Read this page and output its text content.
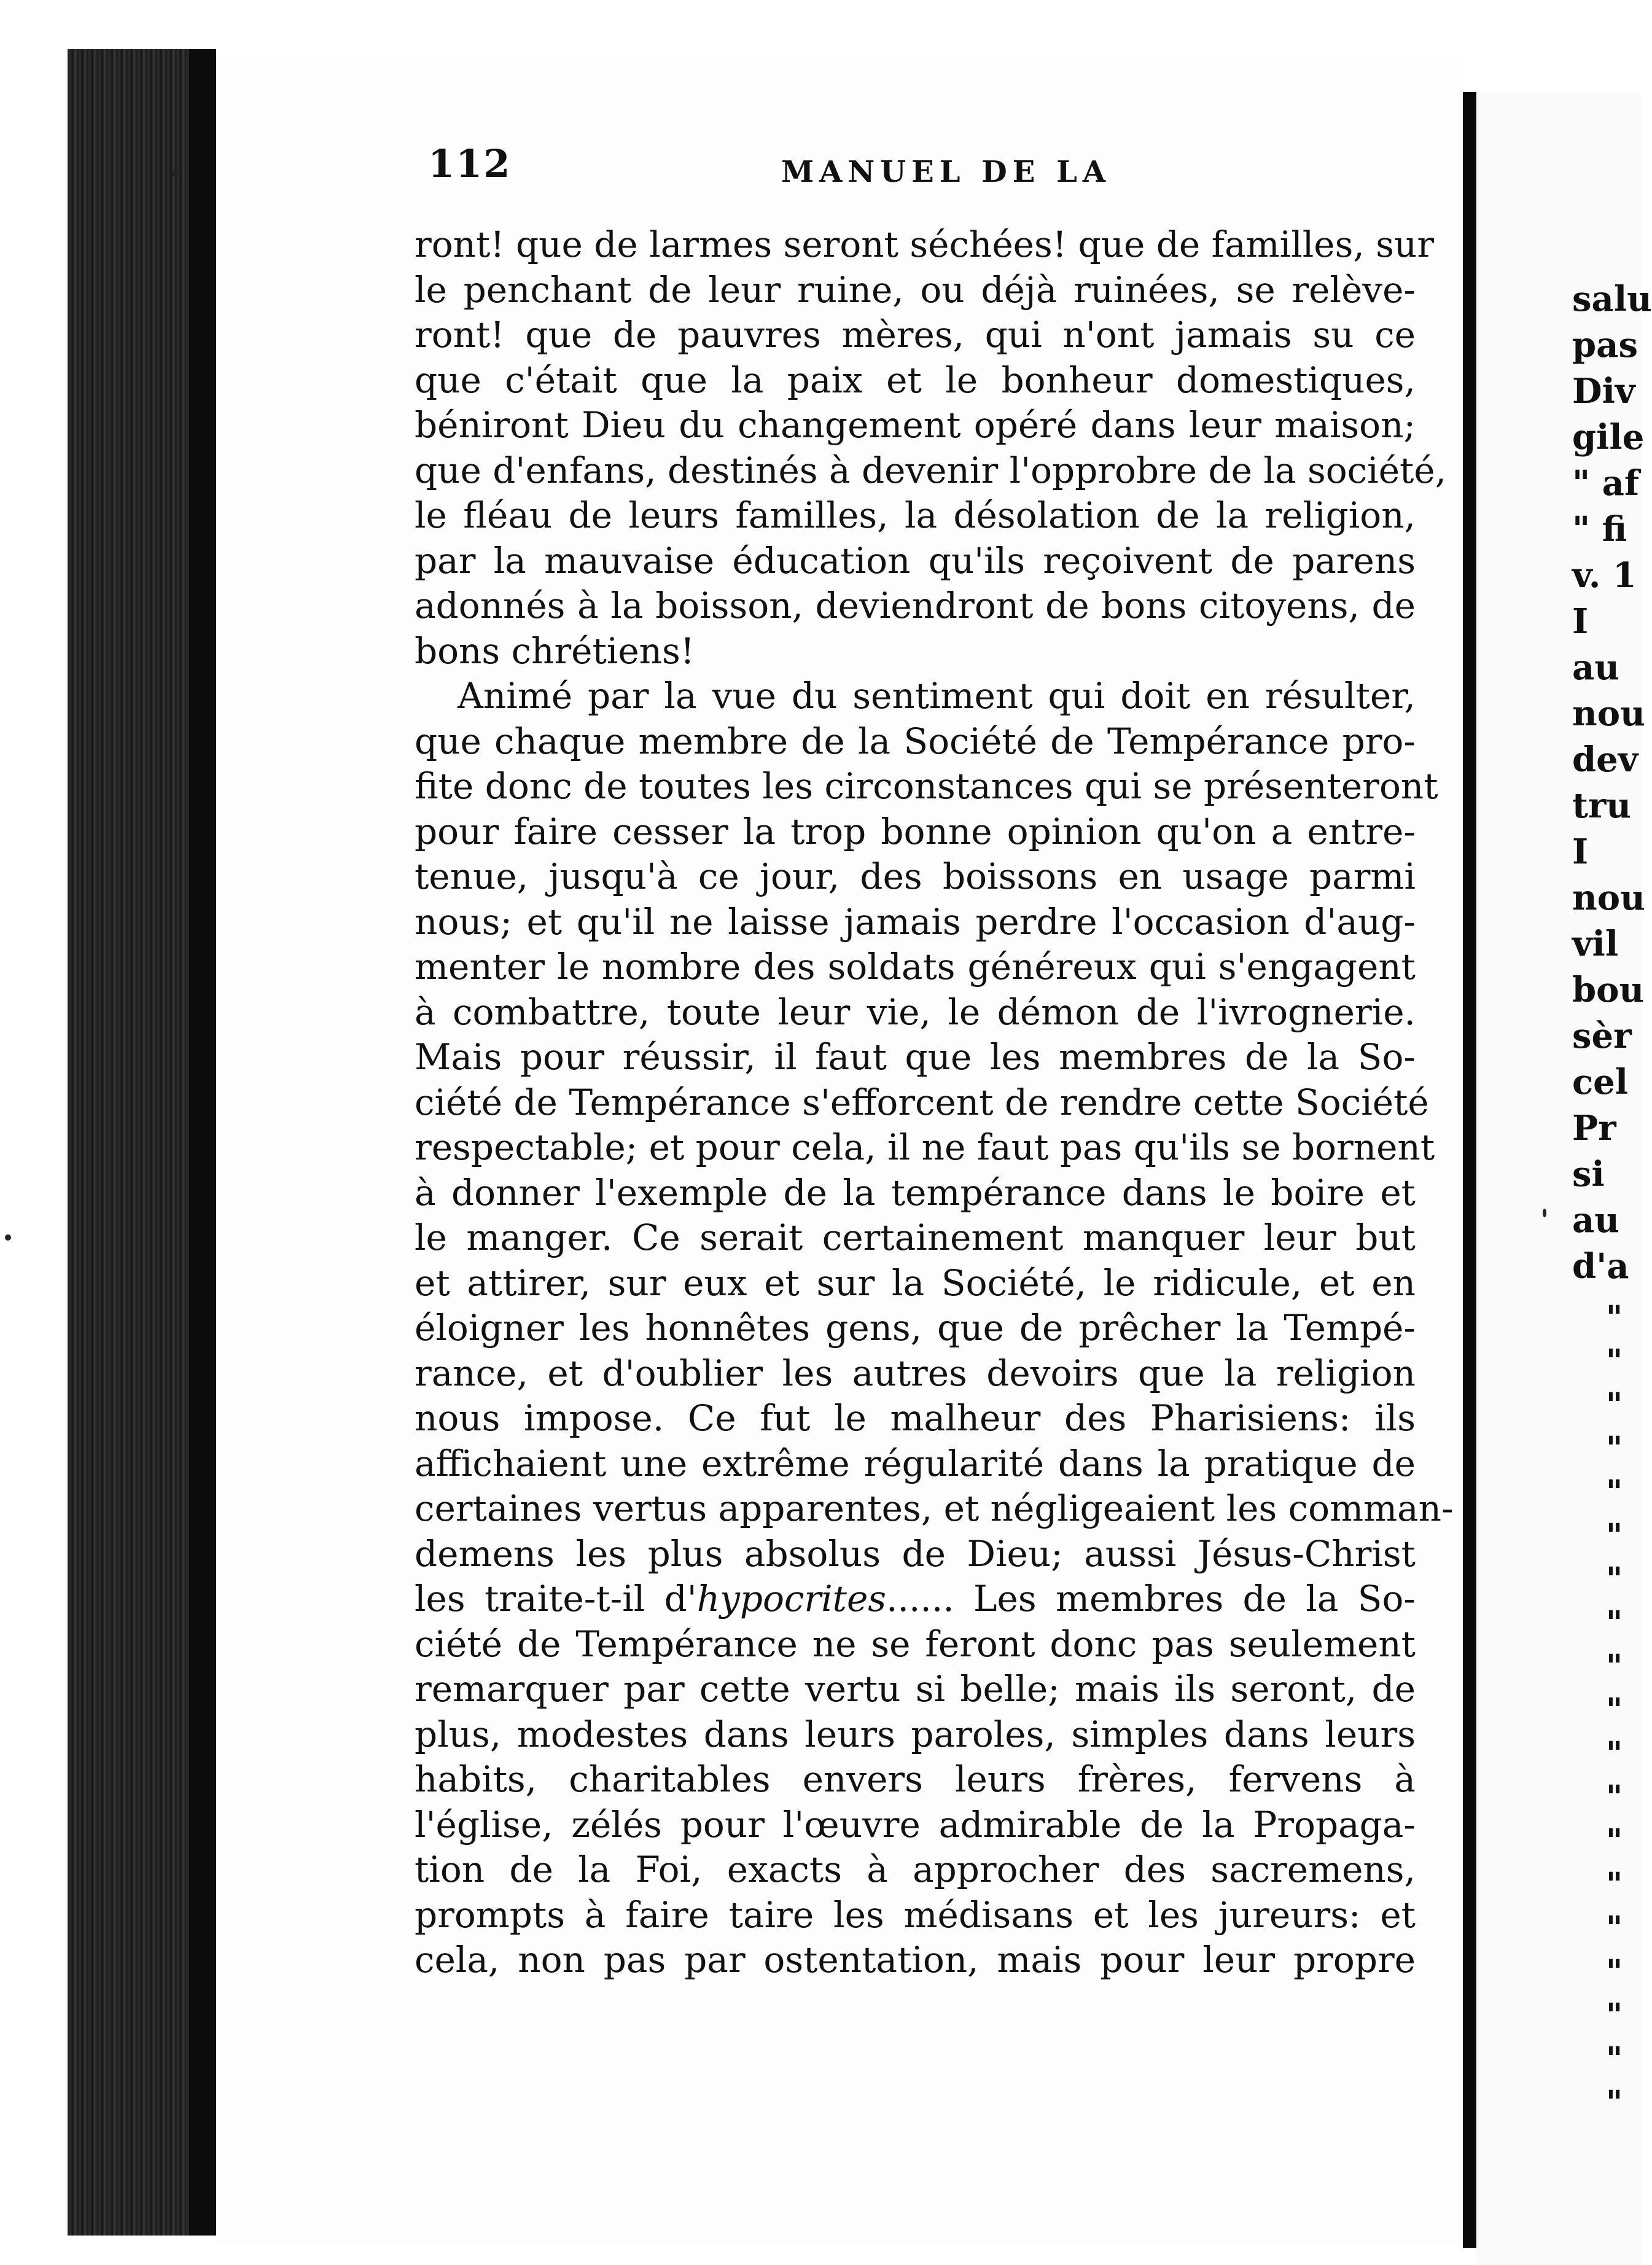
112	MANUEL DE LA
ront! que de larmes seront séchées! que de familles, sur
le penchant de leur ruine, ou déjà ruinées, se relève-
ront! que de pauvres mères, qui n'ont jamais su ce
que c'était que la paix et le bonheur domestiques,
béniront Dieu du changement opéré dans leur maison;
que d'enfans, destinés à devenir l'opprobre de la société,
le fléau de leurs familles, la désolation de la religion,
par la mauvaise éducation qu'ils reçoivent de parens
adonnés à la boisson, deviendront de bons citoyens, de
bons chrétiens!
Animé par la vue du sentiment qui doit en résulter,
que chaque membre de la Société de Tempérance pro-
fite donc de toutes les circonstances qui se présenteront
pour faire cesser la trop bonne opinion qu'on a entre-
tenue, jusqu'à ce jour, des boissons en usage parmi
nous; et qu'il ne laisse jamais perdre l'occasion d'aug-
menter le nombre des soldats généreux qui s'engagent
à combattre, toute leur vie, le démon de l'ivrognerie.
Mais pour réussir, il faut que les membres de la So-
ciété de Tempérance s'efforcent de rendre cette Société
respectable; et pour cela, il ne faut pas qu'ils se bornent
à donner l'exemple de la tempérance dans le boire et
le manger. Ce serait certainement manquer leur but
et attirer, sur eux et sur la Société, le ridicule, et en
éloigner les honnêtes gens, que de prêcher la Tempé-
rance, et d'oublier les autres devoirs que la religion
nous impose. Ce fut le malheur des Pharisiens: ils
affichaient une extrême régularité dans la pratique de
certaines vertus apparentes, et négligeaient les comman-
demens les plus absolus de Dieu; aussi Jésus-Christ
les traite-t-il d'hypocrites...... Les membres de la So-
ciété de Tempérance ne se feront donc pas seulement
remarquer par cette vertu si belle; mais ils seront, de
plus, modestes dans leurs paroles, simples dans leurs
habits, charitables envers leurs frères, fervens à
l'église, zélés pour l'œuvre admirable de la Propaga-
tion de la Foi, exacts à approcher des sacremens,
prompts à faire taire les médisans et les jureurs: et
cela, non pas par ostentation, mais pour leur propre
salu
pas
Div
gile
" af
" fi
v. 1
I
au
nou
dev
tru
I
nou
vil
bou
sèr
cel
Pr
si
au
d'a
"
"
"
"
"
"
"
"
"
"
"
"
"
"
"
"
"
"
"
